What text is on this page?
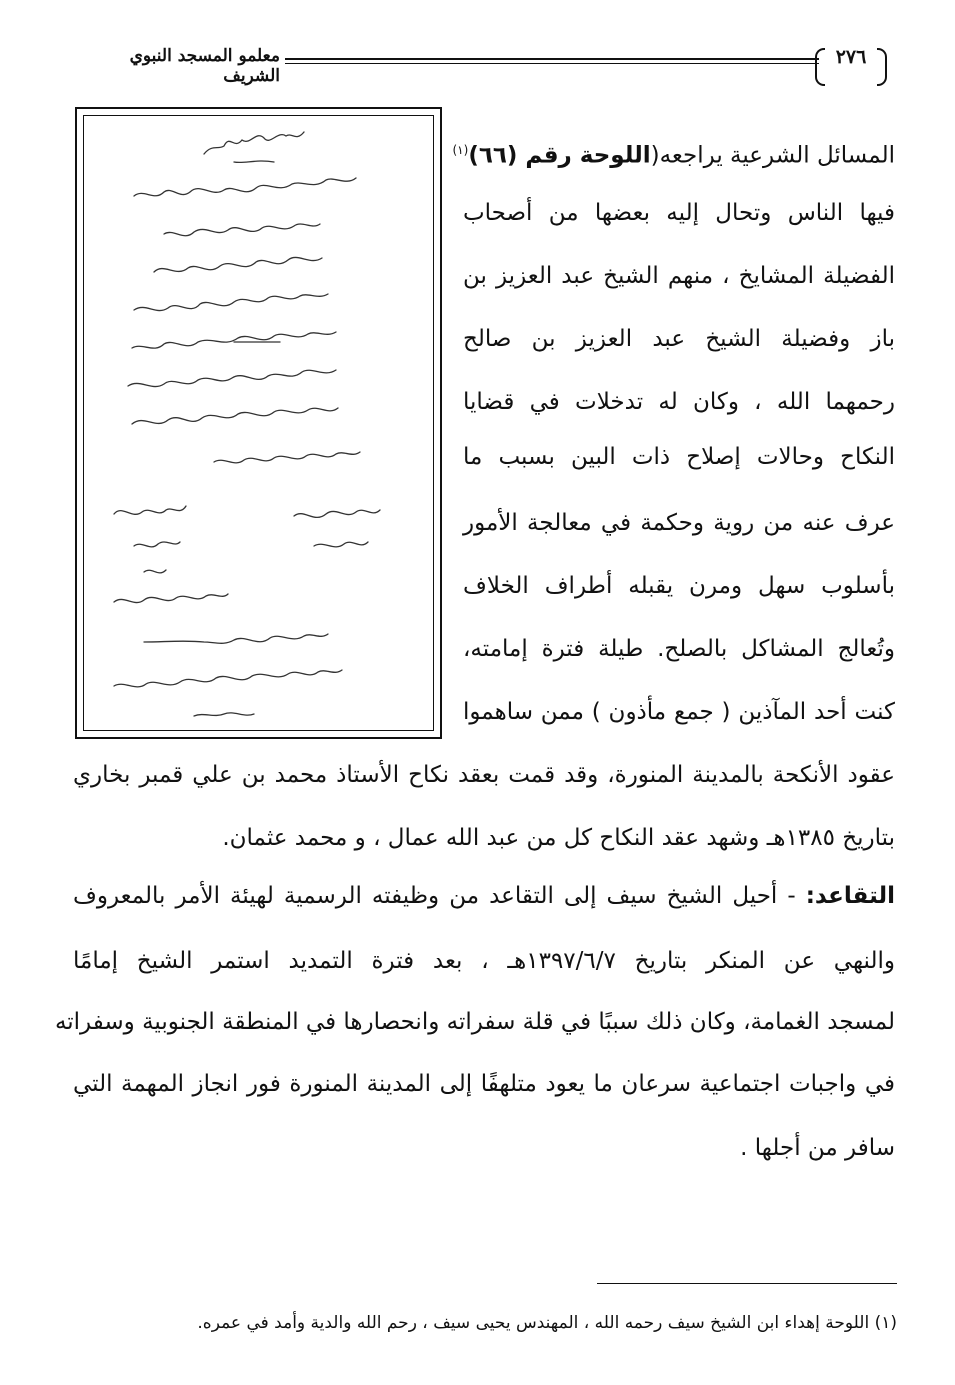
معلمو المسجد النبوي الشريف
٢٧٦
المسائل الشرعية يراجعه(اللوحة رقم (٦٦)$^{(١)}$
فيها الناس وتحال إليه بعضها من أصحاب
الفضيلة المشايخ ، منهم الشيخ عبد العزيز بن
باز وفضيلة الشيخ عبد العزيز بن صالح
رحمهما الله ، وكان له تدخلات في قضايا
النكاح وحالات إصلاح ذات البين بسبب ما
عرف عنه من روية وحكمة في معالجة الأمور
بأسلوب سهل ومرن يقبله أطراف الخلاف
وتُعالج المشاكل بالصلح. طيلة فترة إمامته،
كنت أحد المآذين ( جمع مأذون ) ممن ساهموا
عقود الأنكحة بالمدينة المنورة، وقد قمت بعقد نكاح الأستاذ محمد بن علي قمبر بخاري
بتاريخ ١٣٨٥هـ وشهد عقد النكاح كل من عبد الله عمال ، و محمد عثمان.
التقاعد: - أحيل الشيخ سيف إلى التقاعد من وظيفته الرسمية لهيئة الأمر بالمعروف
والنهي عن المنكر بتاريخ ١٣٩٧/٦/٧هـ ، بعد فترة التمديد استمر الشيخ إمامًا
لمسجد الغمامة، وكان ذلك سببًا في قلة سفراته وانحصارها في المنطقة الجنوبية وسفراته
في واجبات اجتماعية سرعان ما يعود متلهفًا إلى المدينة المنورة فور انجاز المهمة التي
سافر من أجلها .
(١) اللوحة إهداء ابن الشيخ سيف رحمه الله ، المهندس يحيى سيف ، رحم الله والدية وأمد في عمره.
